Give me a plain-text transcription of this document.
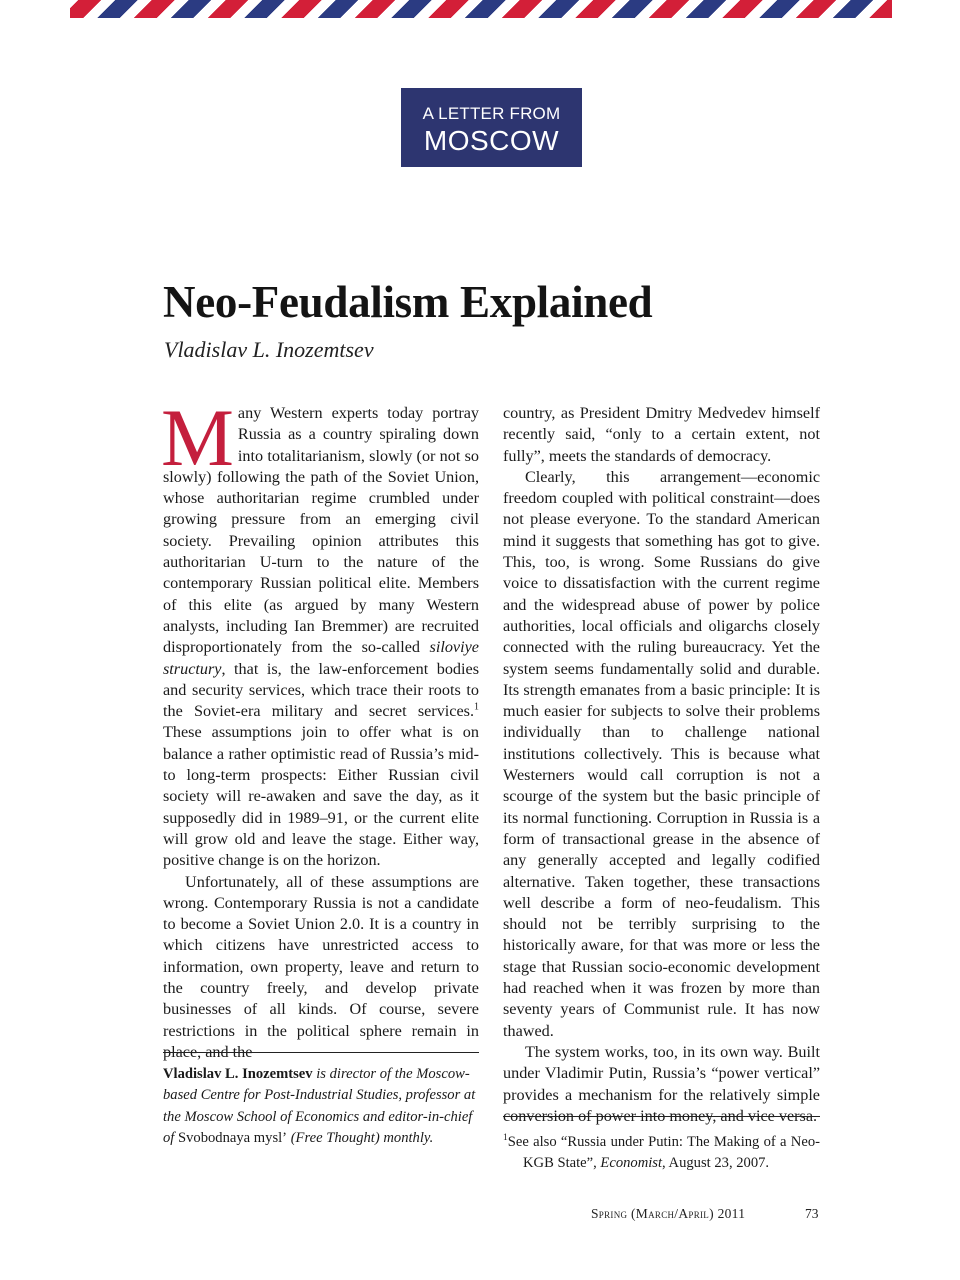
A LETTER FROM
MOSCOW
Neo-Feudalism Explained
Vladislav L. Inozemtsev

Many Western experts today portray Russia as a country spiraling down into totalitarianism, slowly (or not so slowly) following the path of the Soviet Union, whose authoritarian regime crumbled under growing pressure from an emerging civil society. Prevailing opinion attributes this authoritarian U-turn to the nature of the contemporary Russian political elite. Members of this elite (as argued by many Western analysts, including Ian Bremmer) are recruited disproportionately from the so-called siloviye structury, that is, the law-enforcement bodies and security services, which trace their roots to the Soviet-era military and secret services.$^1$ These assumptions join to offer what is on balance a rather optimistic read of Russia’s mid- to long-term prospects: Either Russian civil society will re-awaken and save the day, as it supposedly did in 1989–91, or the current elite will grow old and leave the stage. Either way, positive change is on the horizon.

Unfortunately, all of these assumptions are wrong. Contemporary Russia is not a candidate to become a Soviet Union 2.0. It is a country in which citizens have unrestricted access to information, own property, leave and return to the country freely, and develop private businesses of all kinds. Of course, severe restrictions in the political sphere remain in place, and the

country, as President Dmitry Medvedev himself recently said, “only to a certain extent, not fully”, meets the standards of democracy.

Clearly, this arrangement—economic freedom coupled with political constraint—does not please everyone. To the standard American mind it suggests that something has got to give. This, too, is wrong. Some Russians do give voice to dissatisfaction with the current regime and the widespread abuse of power by police authorities, local officials and oligarchs closely connected with the ruling bureaucracy. Yet the system seems fundamentally solid and durable. Its strength emanates from a basic principle: It is much easier for subjects to solve their problems individually than to challenge national institutions collectively. This is because what Westerners would call corruption is not a scourge of the system but the basic principle of its normal functioning. Corruption in Russia is a form of transactional grease in the absence of any generally accepted and legally codified alternative. Taken together, these transactions well describe a form of neo-feudalism. This should not be terribly surprising to the historically aware, for that was more or less the stage that Russian socio-economic development had reached when it was frozen by more than seventy years of Communist rule. It has now thawed.

The system works, too, in its own way. Built under Vladimir Putin, Russia’s “power vertical” provides a mechanism for the relatively simple conversion of power into money, and vice versa.

Vladislav L. Inozemtsev is director of the Moscow-based Centre for Post-Industrial Studies, professor at the Moscow School of Economics and editor-in-chief of Svobodnaya mysl’ (Free Thought) monthly.	$^1$See also “Russia under Putin: The Making of a Neo-KGB State”, Economist, August 23, 2007.
Spring (March/April) 2011	73
